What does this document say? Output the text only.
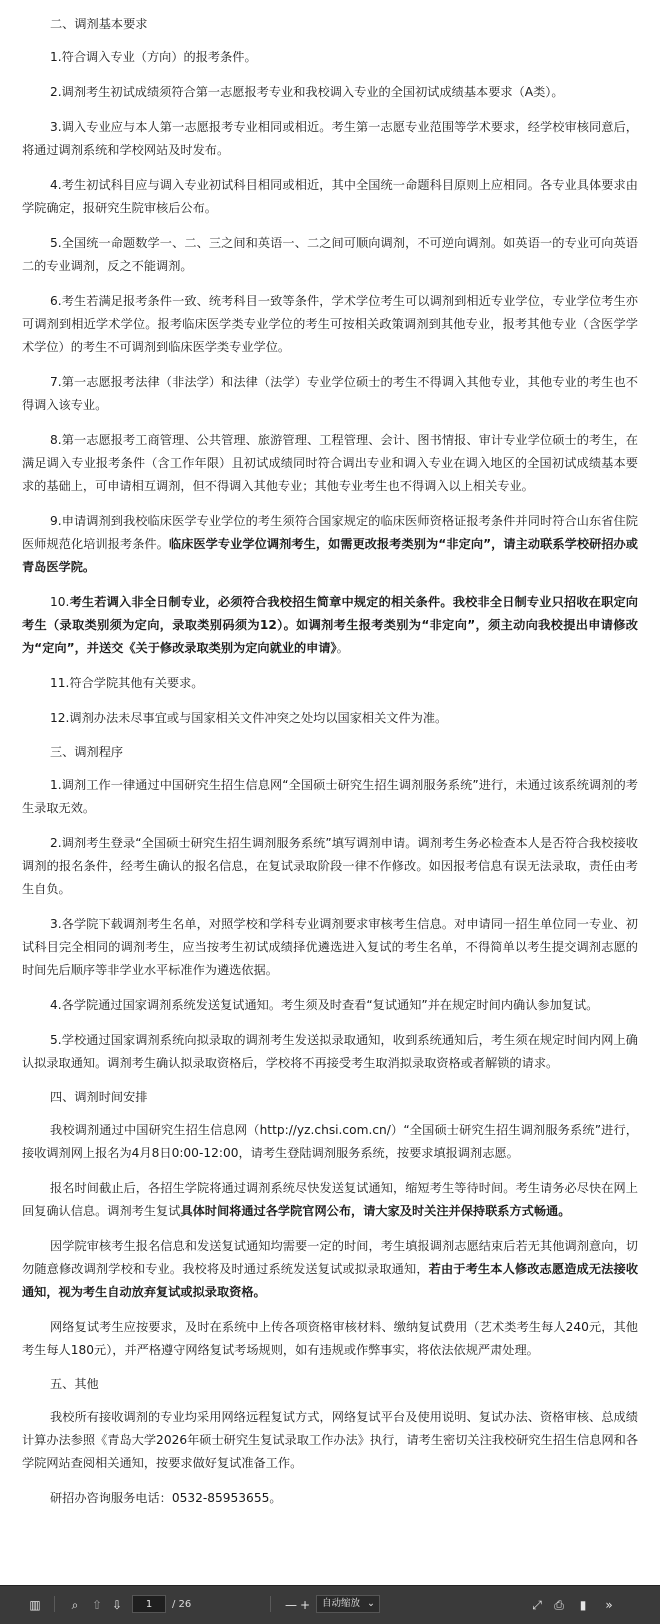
二、调剂基本要求

1.符合调入专业（方向）的报考条件。

2.调剂考生初试成绩须符合第一志愿报考专业和我校调入专业的全国初试成绩基本要求（A类）。

3.调入专业应与本人第一志愿报考专业相同或相近。考生第一志愿专业范围等学术要求，经学校审核同意后，将通过调剂系统和学校网站及时发布。

4.考生初试科目应与调入专业初试科目相同或相近，其中全国统一命题科目原则上应相同。各专业具体要求由学院确定，报研究生院审核后公布。

5.全国统一命题数学一、二、三之间和英语一、二之间可顺向调剂，不可逆向调剂。如英语一的专业可向英语二的专业调剂，反之不能调剂。

6.考生若满足报考条件一致、统考科目一致等条件，学术学位考生可以调剂到相近专业学位，专业学位考生亦可调剂到相近学术学位。报考临床医学类专业学位的考生可按相关政策调剂到其他专业，报考其他专业（含医学学术学位）的考生不可调剂到临床医学类专业学位。

7.第一志愿报考法律（非法学）和法律（法学）专业学位硕士的考生不得调入其他专业，其他专业的考生也不得调入该专业。

8.第一志愿报考工商管理、公共管理、旅游管理、工程管理、会计、图书情报、审计专业学位硕士的考生，在满足调入专业报考条件（含工作年限）且初试成绩同时符合调出专业和调入专业在调入地区的全国初试成绩基本要求的基础上，可申请相互调剂，但不得调入其他专业；其他专业考生也不得调入以上相关专业。

9.申请调剂到我校临床医学专业学位的考生须符合国家规定的临床医师资格证报考条件并同时符合山东省住院医师规范化培训报考条件。临床医学专业学位调剂考生，如需更改报考类别为“非定向”，请主动联系学校研招办或青岛医学院。

10.考生若调入非全日制专业，必须符合我校招生简章中规定的相关条件。我校非全日制专业只招收在职定向考生（录取类别须为定向，录取类别码须为12）。如调剂考生报考类别为“非定向”，须主动向我校提出申请修改为“定向”，并送交《关于修改录取类别为定向就业的申请》。

11.符合学院其他有关要求。

12.调剂办法未尽事宜或与国家相关文件冲突之处均以国家相关文件为准。

三、调剂程序

1.调剂工作一律通过中国研究生招生信息网“全国硕士研究生招生调剂服务系统”进行，未通过该系统调剂的考生录取无效。

2.调剂考生登录“全国硕士研究生招生调剂服务系统”填写调剂申请。调剂考生务必检查本人是否符合我校接收调剂的报名条件，经考生确认的报名信息，在复试录取阶段一律不作修改。如因报考信息有误无法录取，责任由考生自负。

3.各学院下载调剂考生名单，对照学校和学科专业调剂要求审核考生信息。对申请同一招生单位同一专业、初试科目完全相同的调剂考生，应当按考生初试成绩择优遴选进入复试的考生名单，不得简单以考生提交调剂志愿的时间先后顺序等非学业水平标准作为遴选依据。

4.各学院通过国家调剂系统发送复试通知。考生须及时查看“复试通知”并在规定时间内确认参加复试。

5.学校通过国家调剂系统向拟录取的调剂考生发送拟录取通知，收到系统通知后，考生须在规定时间内网上确认拟录取通知。调剂考生确认拟录取资格后，学校将不再接受考生取消拟录取资格或者解锁的请求。

四、调剂时间安排

我校调剂通过中国研究生招生信息网（http://yz.chsi.com.cn/）“全国硕士研究生招生调剂服务系统”进行，接收调剂网上报名为4月8日0:00-12:00，请考生登陆调剂服务系统，按要求填报调剂志愿。

报名时间截止后，各招生学院将通过调剂系统尽快发送复试通知，缩短考生等待时间。考生请务必尽快在网上回复确认信息。调剂考生复试具体时间将通过各学院官网公布，请大家及时关注并保持联系方式畅通。

因学院审核考生报名信息和发送复试通知均需要一定的时间，考生填报调剂志愿结束后若无其他调剂意向，切勿随意修改调剂学校和专业。我校将及时通过系统发送复试或拟录取通知，若由于考生本人修改志愿造成无法接收通知，视为考生自动放弃复试或拟录取资格。

网络复试考生应按要求，及时在系统中上传各项资格审核材料、缴纳复试费用（艺术类考生每人240元，其他考生每人180元），并严格遵守网络复试考场规则，如有违规或作弊事实，将依法依规严肃处理。

五、其他

我校所有接收调剂的专业均采用网络远程复试方式，网络复试平台及使用说明、复试办法、资格审核、总成绩计算办法参照《青岛大学2026年硕士研究生复试录取工作办法》执行，请考生密切关注我校研究生招生信息网和各学院网站查阅相关通知，按要求做好复试准备工作。

研招办咨询服务电话：0532-85953655。

▥	⌕	⇧ ⇩	1	/ 26	— +	自动缩放 ⌄	⤢	⎙	▮	»
